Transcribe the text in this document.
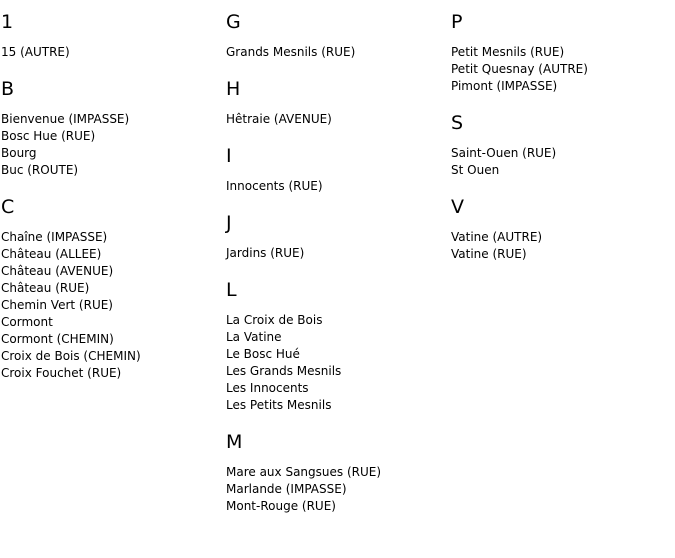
1
15 (AUTRE)
B
Bienvenue (IMPASSE)
Bosc Hue (RUE)
Bourg
Buc (ROUTE)
C
Chaîne (IMPASSE)
Château (ALLEE)
Château (AVENUE)
Château (RUE)
Chemin Vert (RUE)
Cormont
Cormont (CHEMIN)
Croix de Bois (CHEMIN)
Croix Fouchet (RUE)
G
Grands Mesnils (RUE)
H
Hêtraie (AVENUE)
I
Innocents (RUE)
J
Jardins (RUE)
L
La Croix de Bois
La Vatine
Le Bosc Hué
Les Grands Mesnils
Les Innocents
Les Petits Mesnils
M
Mare aux Sangsues (RUE)
Marlande (IMPASSE)
Mont-Rouge (RUE)
P
Petit Mesnils (RUE)
Petit Quesnay (AUTRE)
Pimont (IMPASSE)
S
Saint-Ouen (RUE)
St Ouen
V
Vatine (AUTRE)
Vatine (RUE)
